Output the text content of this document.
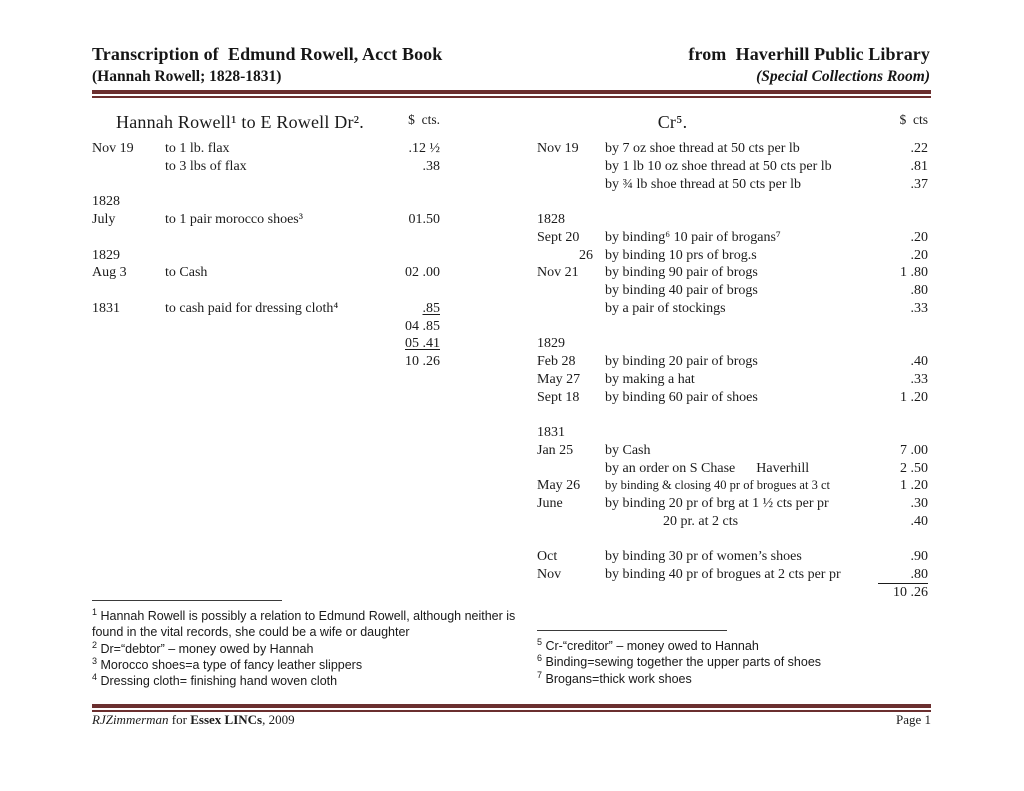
Transcription of  Edmund Rowell, Acct Book
(Hannah Rowell; 1828-1831)
from  Haverhill Public Library
(Special Collections Room)
Hannah Rowell¹ to E Rowell Dr².	$  cts.
Nov 19	to 1 lb. flax	.12 ½
to 3 lbs of flax	.38
1828
July	to 1 pair morocco shoes³	01.50
1829
Aug 3	to Cash	02 .00
1831	to cash paid for dressing cloth⁴	.85
04 .85
05 .41
10 .26
Cr⁵.	$  cts
Nov 19	by 7 oz shoe thread at 50 cts per lb	.22
by 1 lb 10 oz shoe thread at 50 cts per lb	.81
by ¾ lb shoe thread at 50 cts per lb	.37
1828
Sept 20	by binding⁶ 10 pair of brogans⁷	.20
26 by binding 10 prs of brog.s	.20
Nov 21	by binding 90 pair of brogs	1 .80
by binding 40 pair of brogs	.80
by a pair of stockings	.33
1829
Feb 28	by binding 20 pair of brogs	.40
May 27	by making a hat	.33
Sept 18	by binding 60 pair of shoes	1 .20
1831
Jan 25	by Cash	7 .00
by an order on S Chase      Haverhill	2 .50
May 26	by binding & closing 40 pr of brogues at 3 ct	1 .20
June	by binding 20 pr of brg at 1 ½ cts per pr	.30
20 pr. at 2 cts	.40
Oct	by binding 30 pr of women’s shoes	.90
Nov	by binding 40 pr of brogues at 2 cts per pr	.80
10 .26
$^1$ Hannah Rowell is possibly a relation to Edmund Rowell, although neither is found in the vital records, she could be a wife or daughter
$^2$ Dr=“debtor” – money owed by Hannah
$^3$ Morocco shoes=a type of fancy leather slippers
$^4$ Dressing cloth= finishing hand woven cloth
$^5$ Cr-“creditor” – money owed to Hannah
$^6$ Binding=sewing together the upper parts of shoes
$^7$ Brogans=thick work shoes
RJZimmerman for Essex LINCs, 2009	Page 1
